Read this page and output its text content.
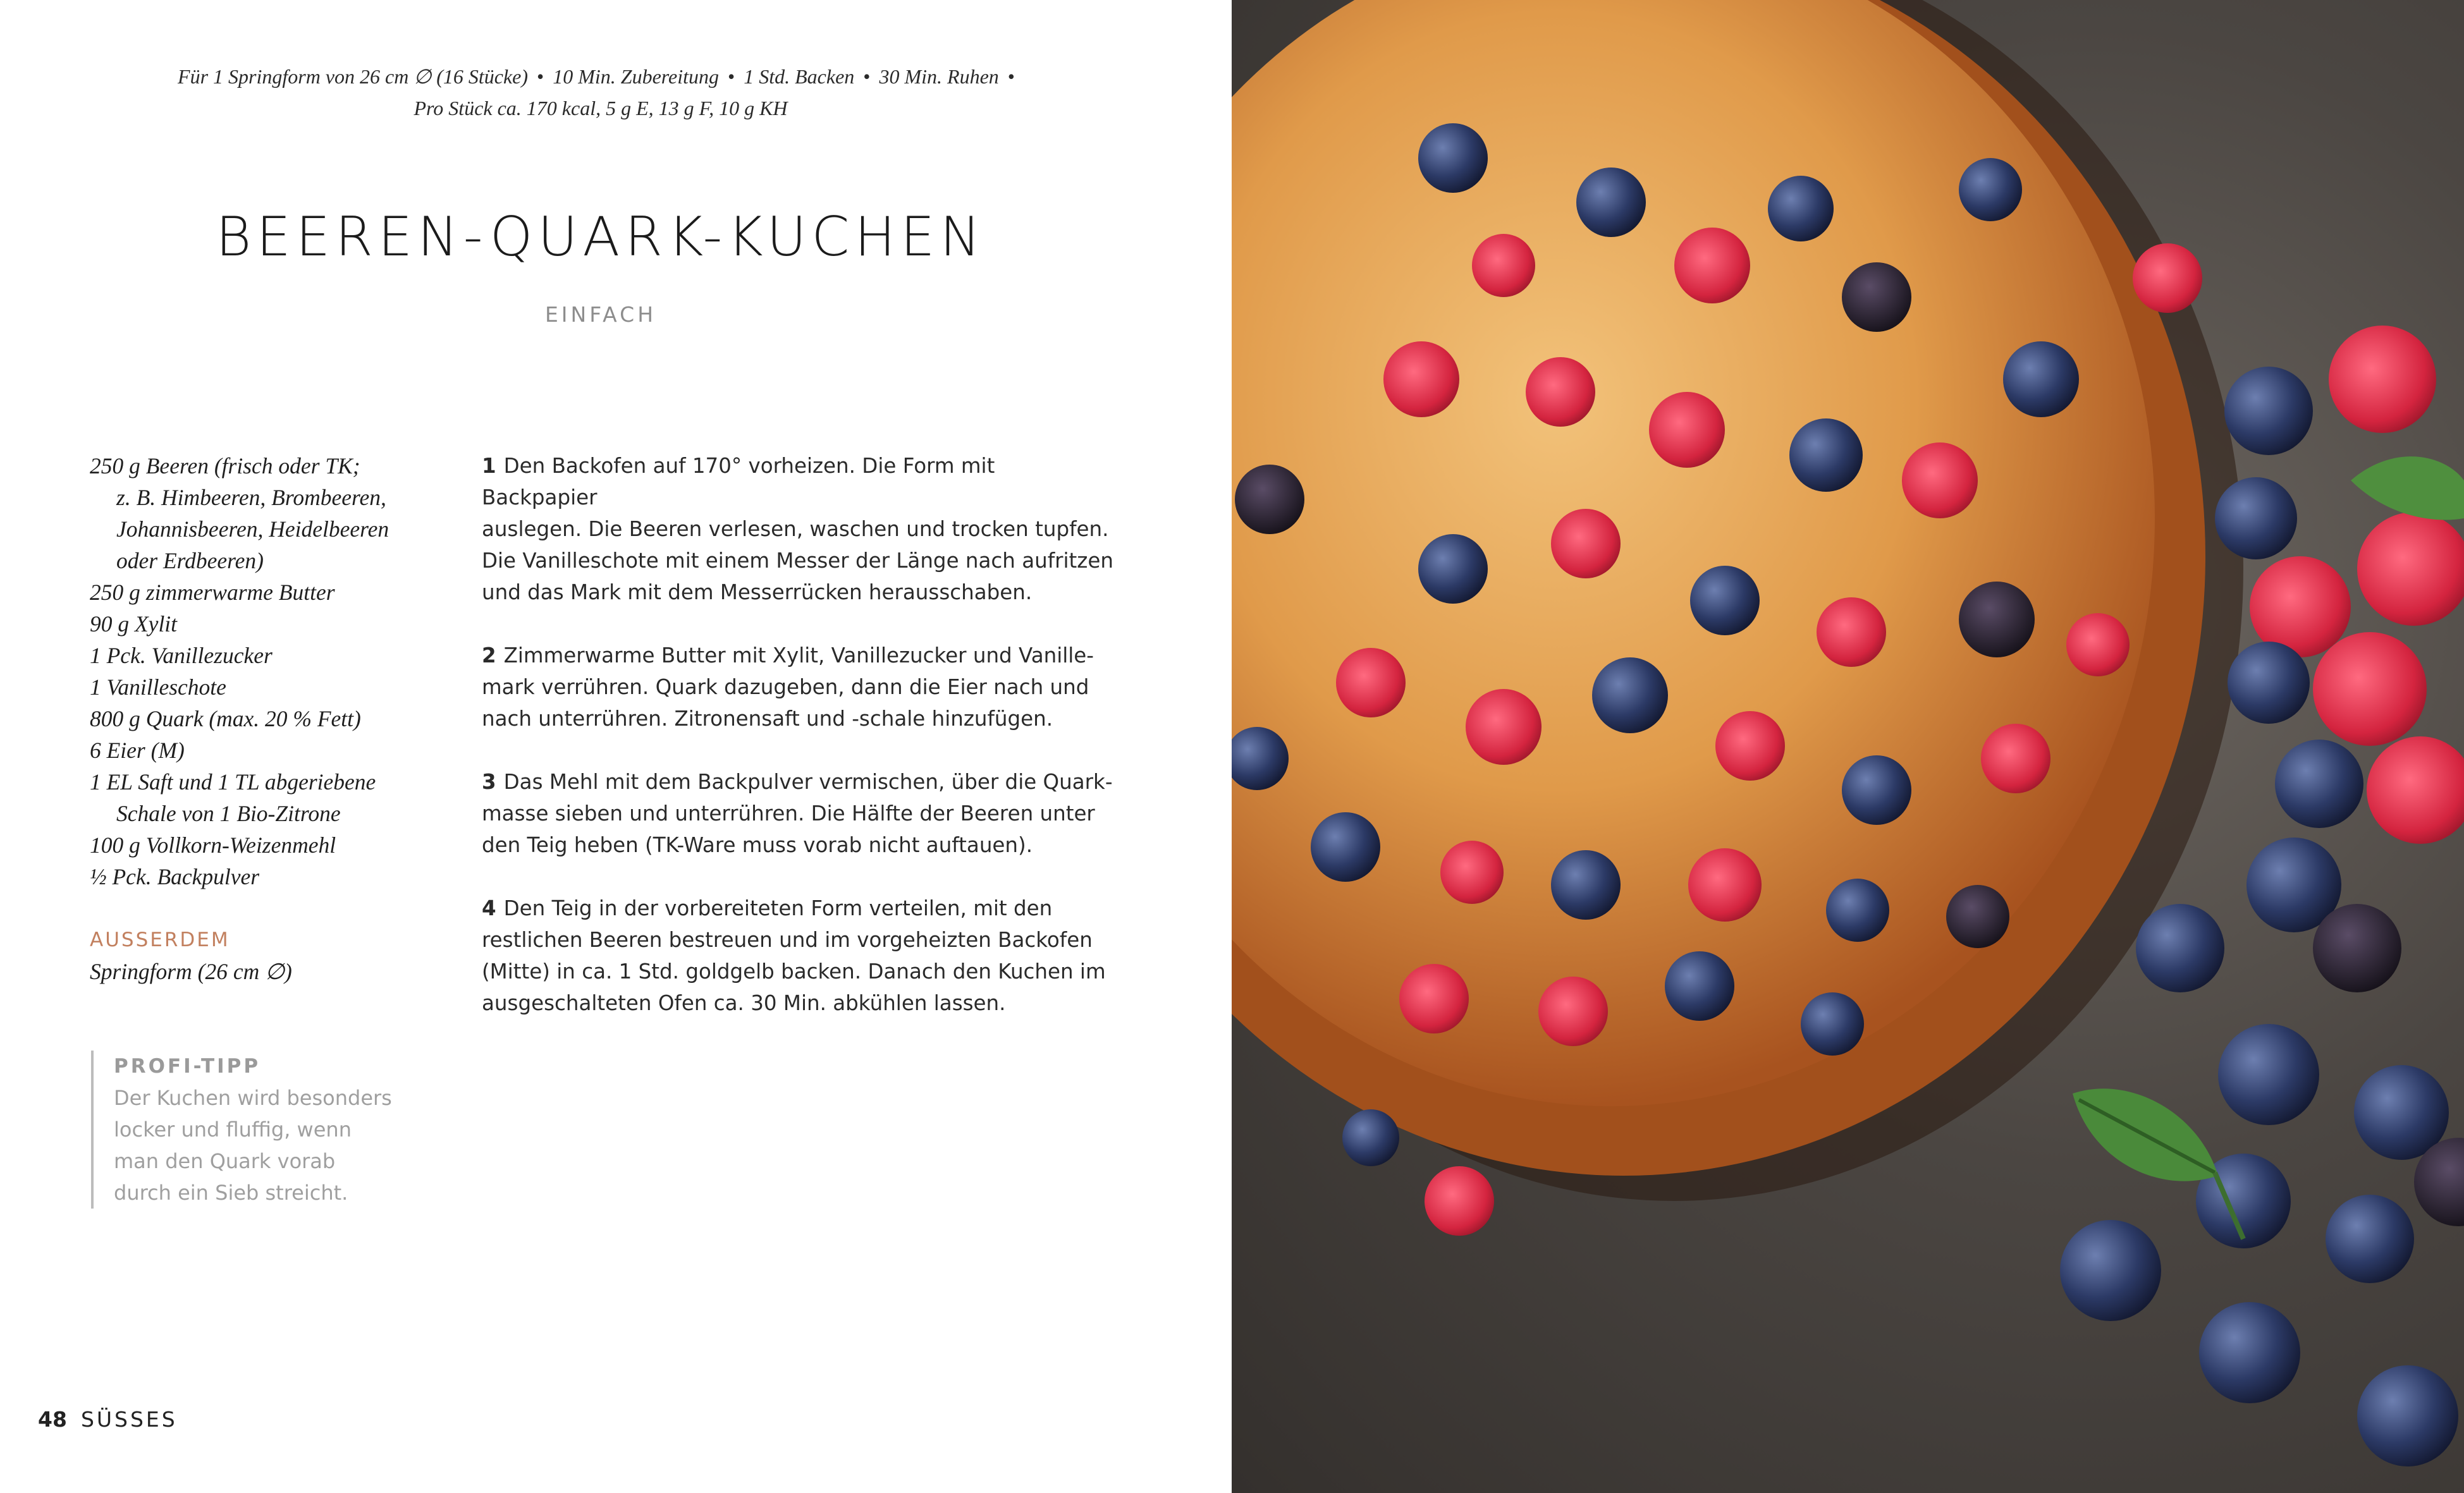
Für 1 Springform von 26 cm ∅ (16 Stücke) • 10 Min. Zubereitung • 1 Std. Backen • 30 Min. Ruhen •
Pro Stück ca. 170 kcal, 5 g E, 13 g F, 10 g KH
BEEREN-QUARK-KUCHEN
EINFACH
250 g Beeren (frisch oder TK;
z. B. Himbeeren, Brombeeren,
Johannisbeeren, Heidelbeeren
oder Erdbeeren)
250 g zimmerwarme Butter
90 g Xylit
1 Pck. Vanillezucker
1 Vanilleschote
800 g Quark (max. 20 % Fett)
6 Eier (M)
1 EL Saft und 1 TL abgeriebene
Schale von 1 Bio-Zitrone
100 g Vollkorn-Weizenmehl
½ Pck. Backpulver
AUSSERDEM
Springform (26 cm ∅)
PROFI-TIPP
Der Kuchen wird besonders
locker und fluffig, wenn
man den Quark vorab
durch ein Sieb streicht.
1 Den Backofen auf 170° vorheizen. Die Form mit Backpapier
auslegen. Die Beeren verlesen, waschen und trocken tupfen.
Die Vanilleschote mit einem Messer der Länge nach aufritzen
und das Mark mit dem Messerrücken herausschaben.
2 Zimmerwarme Butter mit Xylit, Vanillezucker und Vanille-
mark verrühren. Quark dazugeben, dann die Eier nach und
nach unterrühren. Zitronensaft und -schale hinzufügen.
3 Das Mehl mit dem Backpulver vermischen, über die Quark-
masse sieben und unterrühren. Die Hälfte der Beeren unter
den Teig heben (TK-Ware muss vorab nicht auftauen).
4 Den Teig in der vorbereiteten Form verteilen, mit den
restlichen Beeren bestreuen und im vorgeheizten Backofen
(Mitte) in ca. 1 Std. goldgelb backen. Danach den Kuchen im
ausgeschalteten Ofen ca. 30 Min. abkühlen lassen.
48 SÜSSES
